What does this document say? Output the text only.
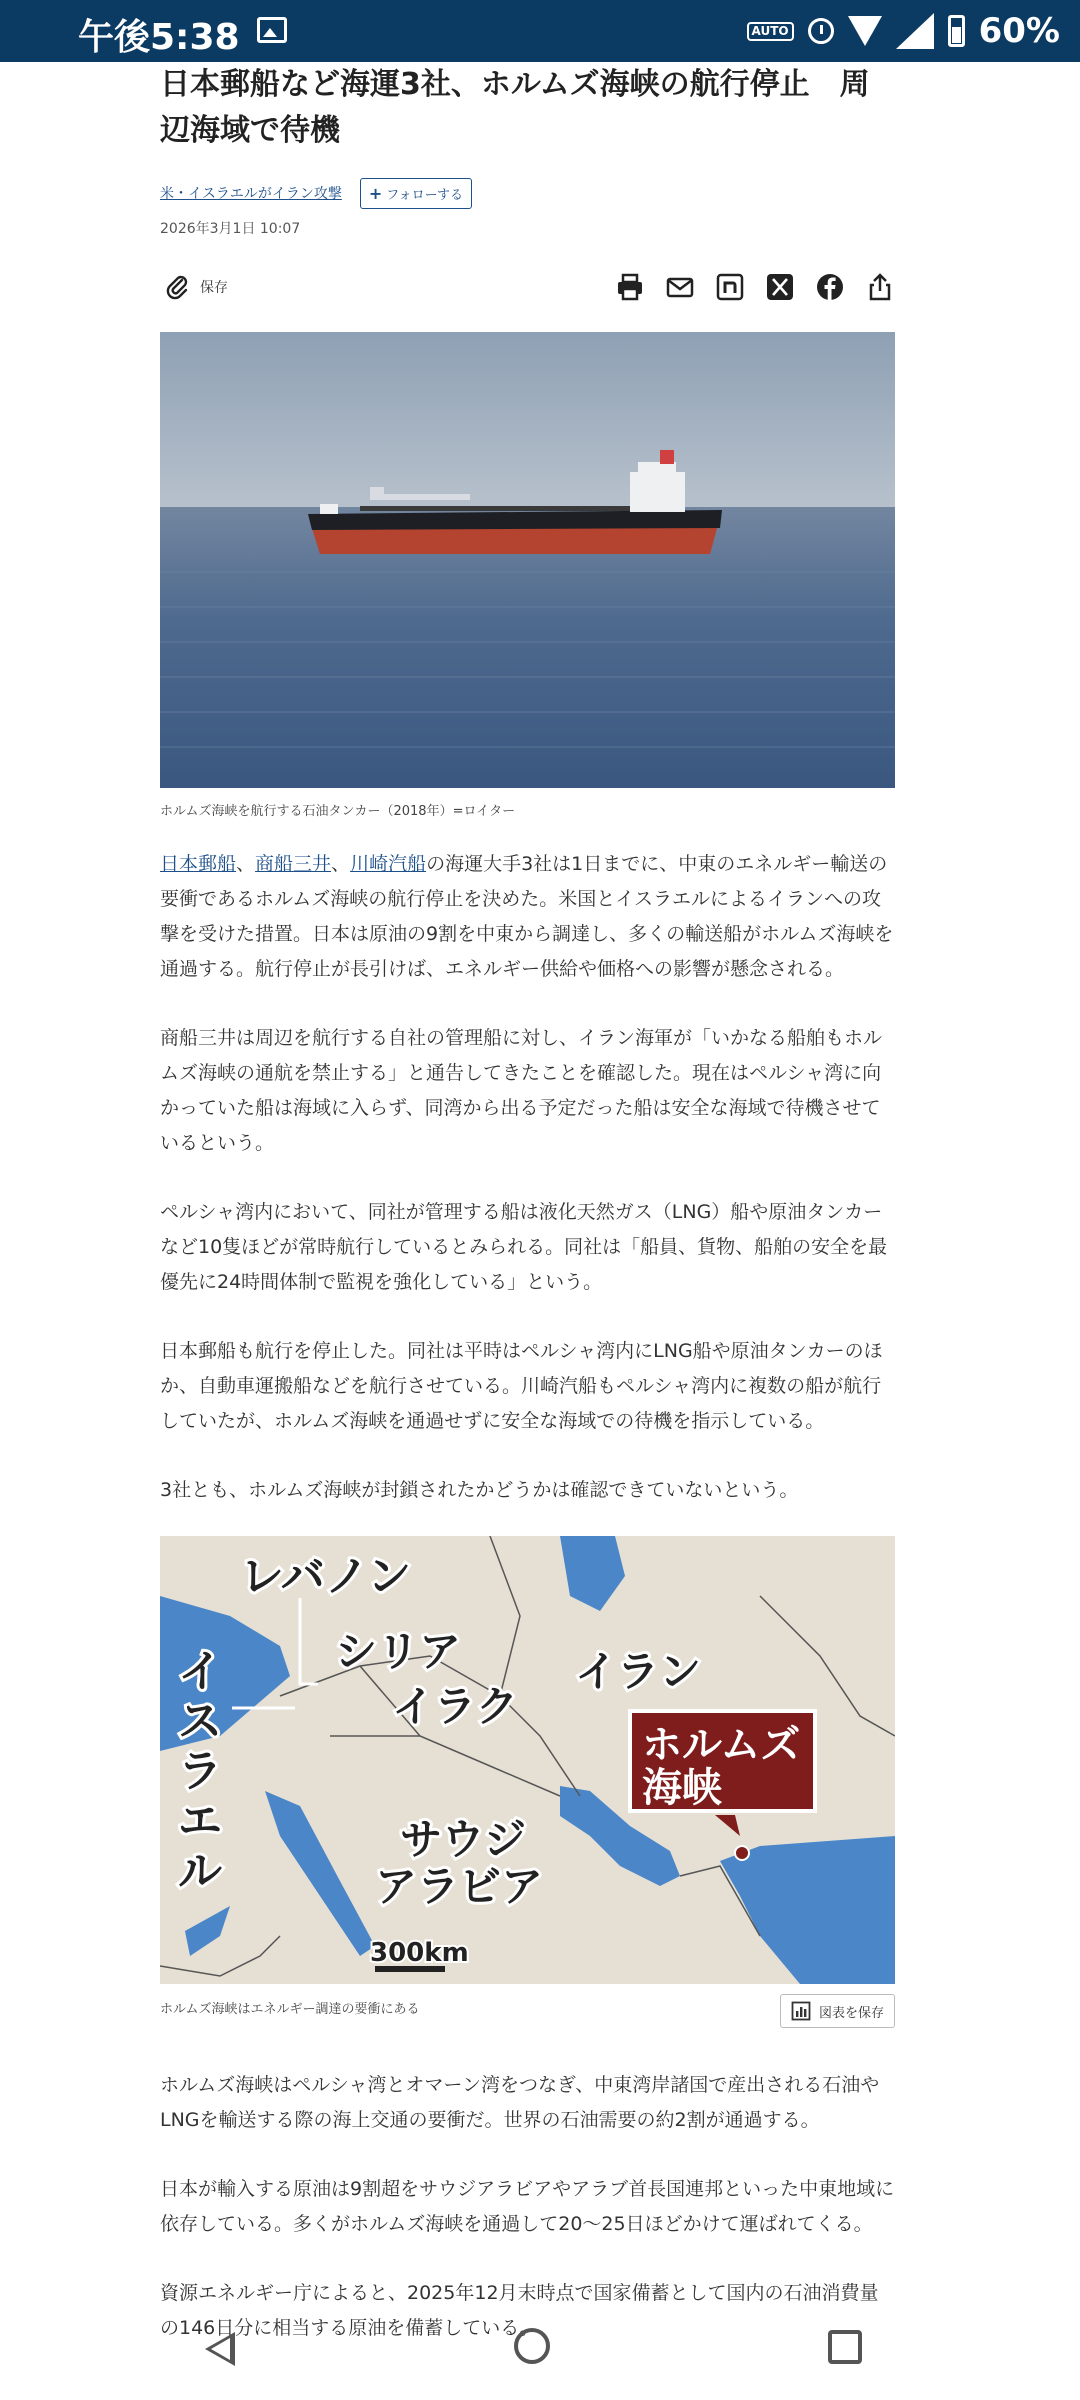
午後5:38	AUTO	60%
日本郵船など海運3社、ホルムズ海峡の航行停止　周辺海域で待機
米・イスラエルがイラン攻撃 + フォローする
2026年3月1日 10:07
保存
ホルムズ海峡を航行する石油タンカー（2018年）=ロイター

日本郵船、商船三井、川崎汽船の海運大手3社は1日までに、中東のエネルギー輸送の要衝であるホルムズ海峡の航行停止を決めた。米国とイスラエルによるイランへの攻撃を受けた措置。日本は原油の9割を中東から調達し、多くの輸送船がホルムズ海峡を通過する。航行停止が長引けば、エネルギー供給や価格への影響が懸念される。

商船三井は周辺を航行する自社の管理船に対し、イラン海軍が「いかなる船舶もホルムズ海峡の通航を禁止する」と通告してきたことを確認した。現在はペルシャ湾に向かっていた船は海域に入らず、同湾から出る予定だった船は安全な海域で待機させているという。

ペルシャ湾内において、同社が管理する船は液化天然ガス（LNG）船や原油タンカーなど10隻ほどが常時航行しているとみられる。同社は「船員、貨物、船舶の安全を最優先に24時間体制で監視を強化している」という。

日本郵船も航行を停止した。同社は平時はペルシャ湾内にLNG船や原油タンカーのほか、自動車運搬船などを航行させている。川崎汽船もペルシャ湾内に複数の船が航行していたが、ホルムズ海峡を通過せずに安全な海域での待機を指示している。

3社とも、ホルムズ海峡が封鎖されたかどうかは確認できていないという。

レバノン
シリア
イラク
イラン
サウジ
アラビア
300km
イ ス ラ エ ル
ホルムズ
海峡
ホルムズ海峡はエネルギー調達の要衝にある	図表を保存

ホルムズ海峡はペルシャ湾とオマーン湾をつなぎ、中東湾岸諸国で産出される石油やLNGを輸送する際の海上交通の要衝だ。世界の石油需要の約2割が通過する。

日本が輸入する原油は9割超をサウジアラビアやアラブ首長国連邦といった中東地域に依存している。多くがホルムズ海峡を通過して20〜25日ほどかけて運ばれてくる。

資源エネルギー庁によると、2025年12月末時点で国家備蓄として国内の石油消費量の146日分に相当する原油を備蓄している。
